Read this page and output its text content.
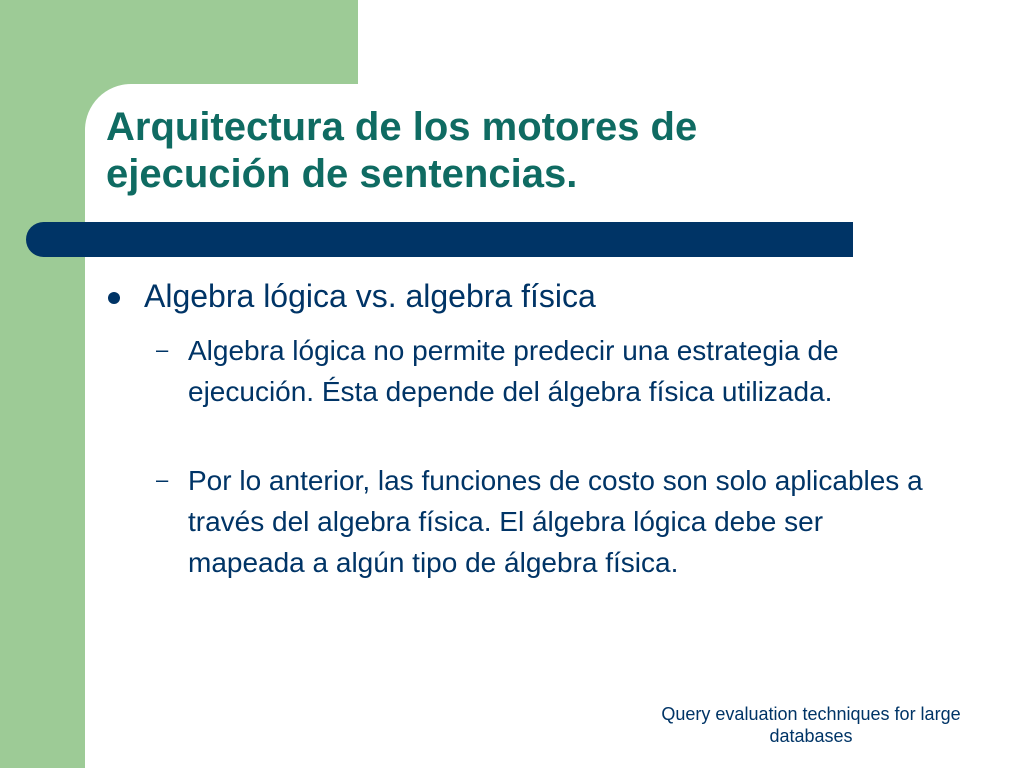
Arquitectura de los motores de ejecución de sentencias.
Algebra lógica vs. algebra física
– Algebra lógica no permite predecir una estrategia de ejecución. Ésta depende del álgebra física utilizada.
– Por lo anterior, las funciones de costo son solo aplicables a través del algebra física. El álgebra lógica debe ser mapeada a algún tipo de álgebra física.
Query evaluation techniques for large databases
